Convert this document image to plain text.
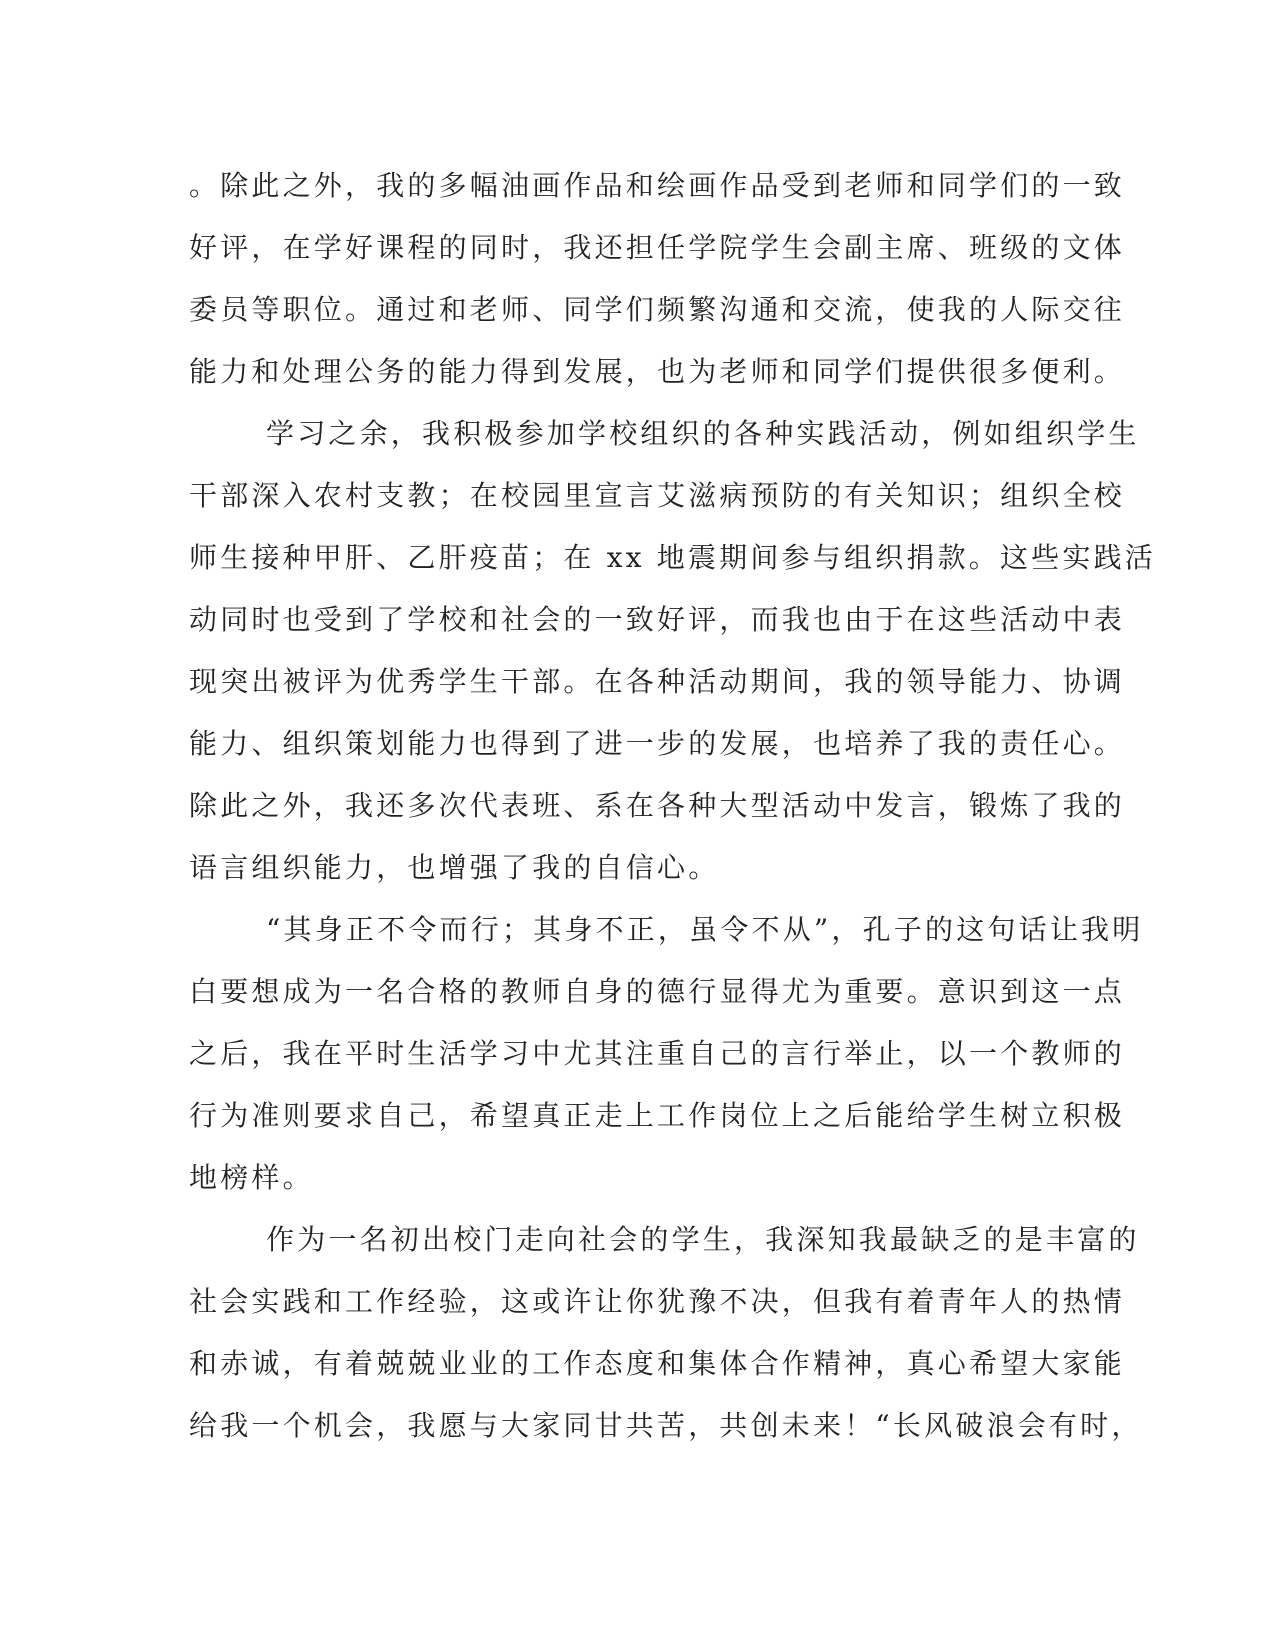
。除此之外，我的多幅油画作品和绘画作品受到老师和同学们的一致
好评，在学好课程的同时，我还担任学院学生会副主席、班级的文体
委员等职位。通过和老师、同学们频繁沟通和交流，使我的人际交往
能力和处理公务的能力得到发展，也为老师和同学们提供很多便利。
学习之余，我积极参加学校组织的各种实践活动，例如组织学生
干部深入农村支教；在校园里宣言艾滋病预防的有关知识；组织全校
师生接种甲肝、乙肝疫苗；在 xx 地震期间参与组织捐款。这些实践活
动同时也受到了学校和社会的一致好评，而我也由于在这些活动中表
现突出被评为优秀学生干部。在各种活动期间，我的领导能力、协调
能力、组织策划能力也得到了进一步的发展，也培养了我的责任心。
除此之外，我还多次代表班、系在各种大型活动中发言，锻炼了我的
语言组织能力，也增强了我的自信心。
“其身正不令而行；其身不正，虽令不从”，孔子的这句话让我明
白要想成为一名合格的教师自身的德行显得尤为重要。意识到这一点
之后，我在平时生活学习中尤其注重自己的言行举止，以一个教师的
行为准则要求自己，希望真正走上工作岗位上之后能给学生树立积极
地榜样。
作为一名初出校门走向社会的学生，我深知我最缺乏的是丰富的
社会实践和工作经验，这或许让你犹豫不决，但我有着青年人的热情
和赤诚，有着兢兢业业的工作态度和集体合作精神，真心希望大家能
给我一个机会，我愿与大家同甘共苦，共创未来！“长风破浪会有时，
